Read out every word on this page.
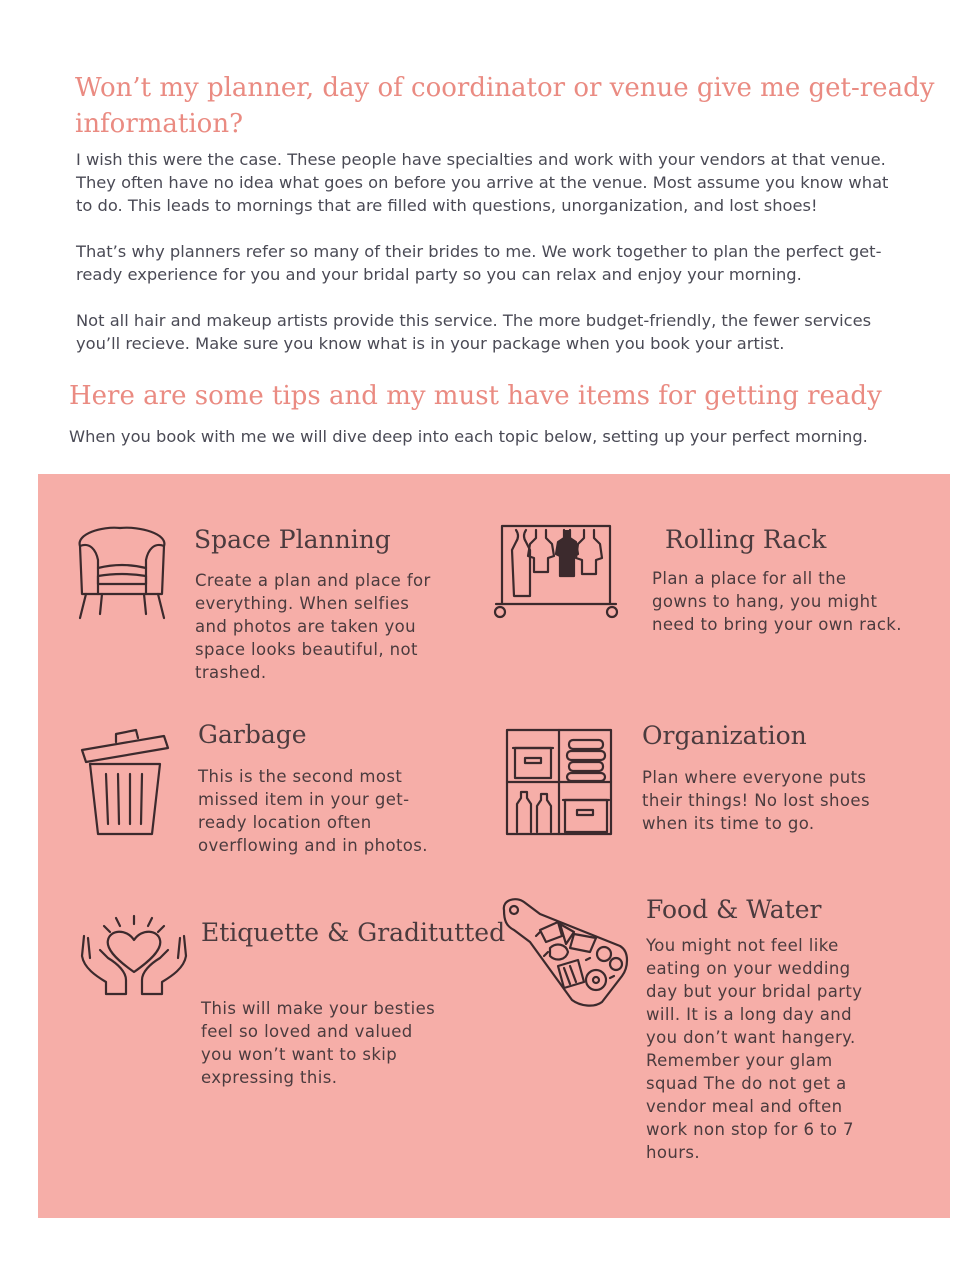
Won’t my planner, day of coordinator or venue give me get-ready information?

I wish this were the case. These people have specialties and work with your vendors at that venue. They often have no idea what goes on before you arrive at the venue. Most assume you know what to do. This leads to mornings that are filled with questions, unorganization, and lost shoes!

That’s why planners refer so many of their brides to me. We work together to plan the perfect get-ready experience for you and your bridal party so you can relax and enjoy your morning.

Not all hair and makeup artists provide this service. The more budget-friendly, the fewer services you’ll recieve. Make sure you know what is in your package when you book your artist.

Here are some tips and my must have items for getting ready

When you book with me we will dive deep into each topic below, setting up your perfect morning.

Space Planning

Create a plan and place for everything. When selfies and photos are taken you space looks beautiful, not trashed.

Rolling Rack

Plan a place for all the gowns to hang, you might need to bring your own rack.

Garbage

This is the second most missed item in your get-ready location often overflowing and in photos.

Organization

Plan where everyone puts their things! No lost shoes when its time to go.

Etiquette & Graditutted

This will make your besties feel so loved and valued you won’t want to skip expressing this.

Food & Water

You might not feel like eating on your wedding day but your bridal party will. It is a long day and you don’t want hangery. Remember your glam squad The do not get a vendor meal and often work non stop for 6 to 7 hours.
